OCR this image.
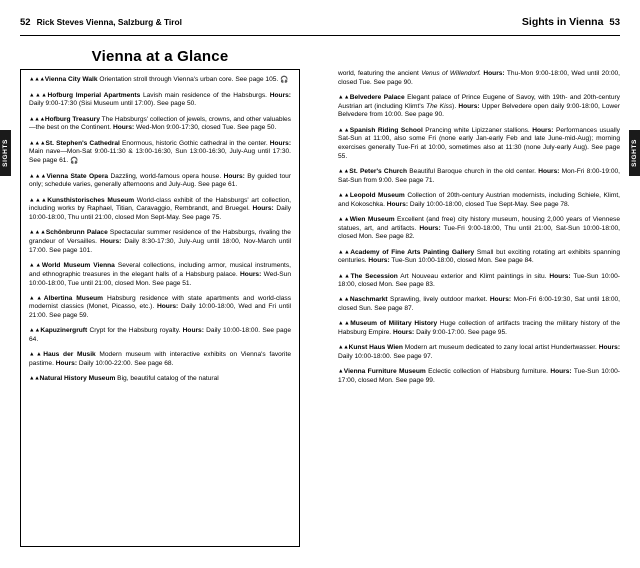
52 Rick Steves Vienna, Salzburg & Tirol	Sights in Vienna 53
SIGHTS	SIGHTS
Vienna at a Glance
▲▲▲Vienna City Walk Orientation stroll through Vienna's urban core. See page 105. 🎧
▲▲▲Hofburg Imperial Apartments Lavish main residence of the Habsburgs. Hours: Daily 9:00-17:30 (Sisi Museum until 17:00). See page 50.
▲▲▲Hofburg Treasury The Habsburgs' collection of jewels, crowns, and other valuables—the best on the Continent. Hours: Wed-Mon 9:00-17:30, closed Tue. See page 50.
▲▲▲St. Stephen's Cathedral Enormous, historic Gothic cathedral in the center. Hours: Main nave—Mon-Sat 9:00-11:30 & 13:00-16:30, Sun 13:00-16:30, July-Aug until 17:30. See page 61. 🎧
▲▲▲Vienna State Opera Dazzling, world-famous opera house. Hours: By guided tour only; schedule varies, generally afternoons and July-Aug. See page 61.
▲▲▲Kunsthistorisches Museum World-class exhibit of the Habsburgs' art collection, including works by Raphael, Titian, Caravaggio, Rembrandt, and Bruegel. Hours: Daily 10:00-18:00, Thu until 21:00, closed Mon Sept-May. See page 75.
▲▲▲Schönbrunn Palace Spectacular summer residence of the Habsburgs, rivaling the grandeur of Versailles. Hours: Daily 8:30-17:30, July-Aug until 18:00, Nov-March until 17:00. See page 101.
▲▲World Museum Vienna Several collections, including armor, musical instruments, and ethnographic treasures in the elegant halls of a Habsburg palace. Hours: Wed-Sun 10:00-18:00, Tue until 21:00, closed Mon. See page 51.
▲▲Albertina Museum Habsburg residence with state apartments and world-class modernist classics (Monet, Picasso, etc.). Hours: Daily 10:00-18:00, Wed and Fri until 21:00. See page 59.
▲▲Kapuzinergruft Crypt for the Habsburg royalty. Hours: Daily 10:00-18:00. See page 64.
▲▲Haus der Musik Modern museum with interactive exhibits on Vienna's favorite pastime. Hours: Daily 10:00-22:00. See page 68.
▲▲Natural History Museum Big, beautiful catalog of the natural
world, featuring the ancient Venus of Willendorf. Hours: Thu-Mon 9:00-18:00, Wed until 20:00, closed Tue. See page 90.
▲▲Belvedere Palace Elegant palace of Prince Eugene of Savoy, with 19th- and 20th-century Austrian art (including Klimt's The Kiss). Hours: Upper Belvedere open daily 9:00-18:00, Lower Belvedere from 10:00. See page 90.
▲▲Spanish Riding School Prancing white Lipizzaner stallions. Hours: Performances usually Sat-Sun at 11:00, also some Fri (none early Jan-early Feb and late June-mid-Aug); morning exercises generally Tue-Fri at 10:00, sometimes also at 11:30 (none July-early Aug). See page 55.
▲▲St. Peter's Church Beautiful Baroque church in the old center. Hours: Mon-Fri 8:00-19:00, Sat-Sun from 9:00. See page 71.
▲▲Leopold Museum Collection of 20th-century Austrian modernists, including Schiele, Klimt, and Kokoschka. Hours: Daily 10:00-18:00, closed Tue Sept-May. See page 78.
▲▲Wien Museum Excellent (and free) city history museum, housing 2,000 years of Viennese statues, art, and artifacts. Hours: Tue-Fri 9:00-18:00, Thu until 21:00, Sat-Sun 10:00-18:00, closed Mon. See page 82.
▲▲Academy of Fine Arts Painting Gallery Small but exciting rotating art exhibits spanning centuries. Hours: Tue-Sun 10:00-18:00, closed Mon. See page 84.
▲▲The Secession Art Nouveau exterior and Klimt paintings in situ. Hours: Tue-Sun 10:00-18:00, closed Mon. See page 83.
▲▲Naschmarkt Sprawling, lively outdoor market. Hours: Mon-Fri 6:00-19:30, Sat until 18:00, closed Sun. See page 87.
▲▲Museum of Military History Huge collection of artifacts tracing the military history of the Habsburg Empire. Hours: Daily 9:00-17:00. See page 95.
▲▲Kunst Haus Wien Modern art museum dedicated to zany local artist Hundertwasser. Hours: Daily 10:00-18:00. See page 97.
▲Vienna Furniture Museum Eclectic collection of Habsburg furniture. Hours: Tue-Sun 10:00-17:00, closed Mon. See page 99.
